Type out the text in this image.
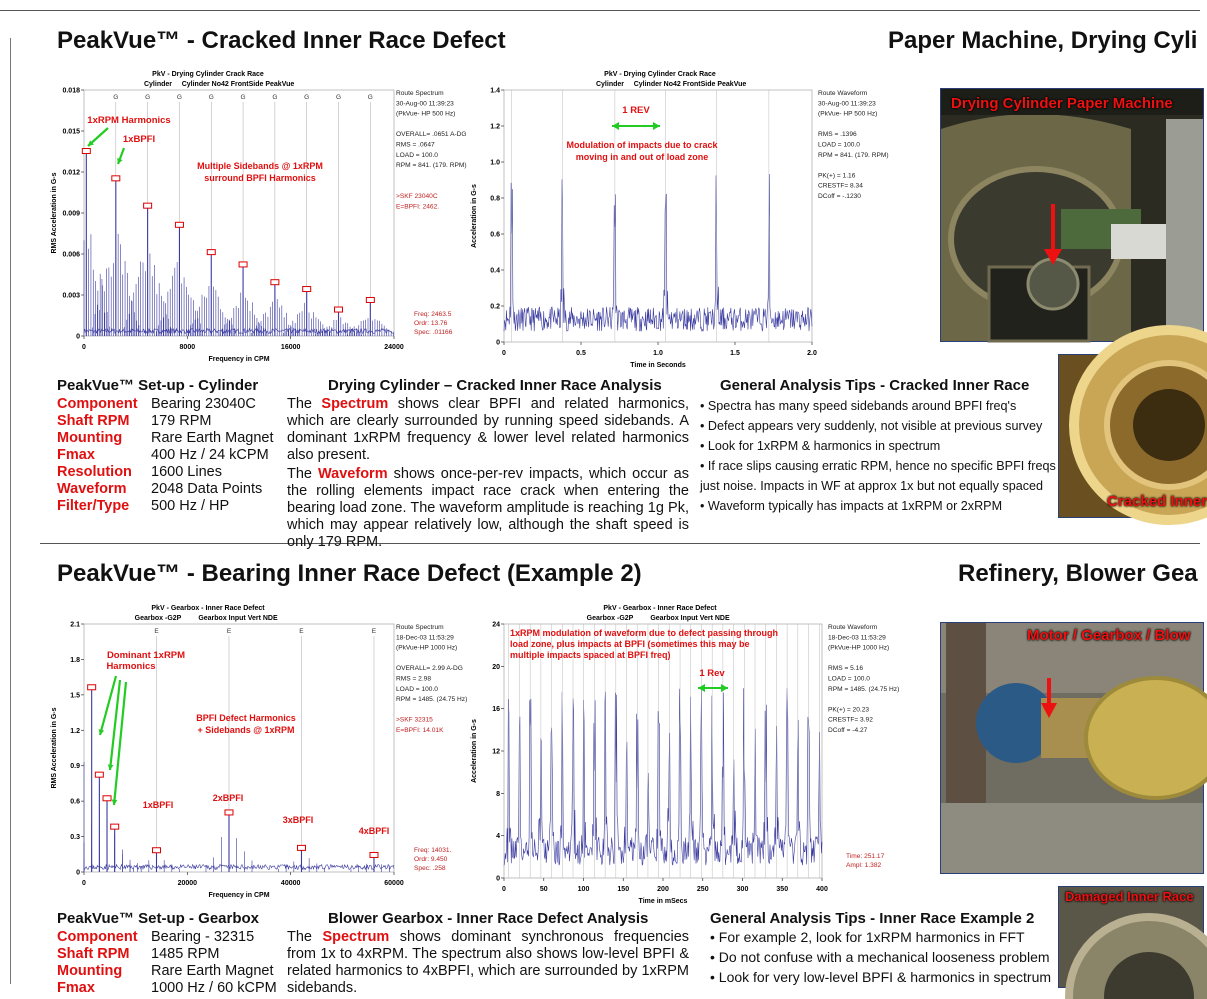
PeakVue™ - Cracked Inner Race Defect	Paper Machine, Drying Cyli
PkV - Drying Cylinder Crack Race
Cylinder Cylinder No42 FrontSide PeakVue
0
0.003
0.006
0.009
0.012
0.015
0.018
0	8000	16000	24000
Frequency in CPM
RMS Acceleration in G-s
Route Spectrum
30-Aug-00 11:39:23
(PkVue- HP 500 Hz)
OVERALL= .0651 A-DG
RMS = .0647
LOAD = 100.0
RPM = 841. (179. RPM)
>SKF 23040C
E=BPFI: 2462.
Freq: 2463.5
Ordr: 13.76
Spec: .01166
G	G	G	G	G	G	G	G	G
1xRPM Harmonics
1xBPFI
Multiple Sidebands @ 1xRPM
surround BPFI Harmonics
PkV - Drying Cylinder Crack Race
Cylinder Cylinder No42 FrontSide PeakVue
0
0.2
0.4
0.6
0.8
1.0
1.2
1.4
0	0.5	1.0	1.5	2.0
Time in Seconds
Acceleration in G-s
Route Waveform
30-Aug-00 11:39:23
(PkVue- HP 500 Hz)
RMS = .1396
LOAD = 100.0
RPM = 841. (179. RPM)
PK(+) = 1.16
CRESTF= 8.34
DCoff = -.1230
1 REV
Modulation of impacts due to crack
moving in and out of load zone
Drying Cylinder Paper Machine
Cracked Inner
PeakVue™ Set-up - Cylinder
Component Bearing 23040C
Shaft RPM 179 RPM
Mounting Rare Earth Magnet
Fmax	400 Hz / 24 kCPM
Resolution 1600 Lines
Waveform 2048 Data Points
Filter/Type 500 Hz / HP
Drying Cylinder – Cracked Inner Race Analysis

The Spectrum shows clear BPFI and related harmonics, which are clearly surrounded by running speed sidebands. A dominant 1xRPM frequency & lower level related harmonics also present.

The Waveform shows once-per-rev impacts, which occur as the rolling elements impact race crack when entering the bearing load zone. The waveform amplitude is reaching 1g Pk, which may appear relatively low, although the shaft speed is only 179 RPM.

General Analysis Tips - Cracked Inner Race
• Spectra has many speed sidebands around BPFI freq's
• Defect appears very suddenly, not visible at previous survey
• Look for 1xRPM & harmonics in spectrum
• If race slips causing erratic RPM, hence no specific BPFI freqs
just noise. Impacts in WF at approx 1x but not equally spaced
• Waveform typically has impacts at 1xRPM or 2xRPM
PeakVue™ - Bearing Inner Race Defect (Example 2)	Refinery, Blower Gea
PkV - Gearbox - Inner Race Defect
Gearbox -G2P Gearbox Input Vert NDE
0
0.3
0.6
0.9
1.2
1.5
1.8
2.1
0	20000	40000	60000
Frequency in CPM
RMS Acceleration in G-s
Route Spectrum
18-Dec-03 11:53:29
(PkVue-HP 1000 Hz)
OVERALL= 2.99 A-DG
RMS = 2.98
LOAD = 100.0
RPM = 1485. (24.75 Hz)
>SKF 32315
E=BPFI: 14.01K
Freq: 14031.
Ordr: 9.450
Spec: .258
E	E	E	E
Dominant 1xRPM
Harmonics
BPFI Defect Harmonics
+ Sidebands @ 1xRPM
1xBPFI
2xBPFI
3xBPFI
4xBPFI
PkV - Gearbox - Inner Race Defect
Gearbox -G2P Gearbox Input Vert NDE
0
4
8
12
16
20
24
0	50	100	150	200	250	300	350	400
Time in mSecs
Acceleration in G-s
Route Waveform
18-Dec-03 11:53:29
(PkVue-HP 1000 Hz)
RMS = 5.16
LOAD = 100.0
RPM = 1485. (24.75 Hz)
PK(+) = 20.23
CRESTF= 3.92
DCoff = -4.27
Time: 251.17
Ampl: 1.382
1xRPM modulation of waveform due to defect passing through
load zone, plus impacts at BPFI (sometimes this may be
multiple impacts spaced at BPFI freq)
1 Rev
Motor / Gearbox / Blow
Damaged Inner Race
PeakVue™ Set-up - Gearbox
Component Bearing - 32315
Shaft RPM 1485 RPM
Mounting Rare Earth Magnet
Fmax	1000 Hz / 60 kCPM
Blower Gearbox - Inner Race Defect Analysis

The Spectrum shows dominant synchronous frequencies from 1x to 4xRPM. The spectrum also shows low-level BPFI & related harmonics to 4xBPFI, which are surrounded by 1xRPM sidebands.

General Analysis Tips - Inner Race Example 2
• For example 2, look for 1xRPM harmonics in FFT
• Do not confuse with a mechanical looseness problem
• Look for very low-level BPFI & harmonics in spectrum
